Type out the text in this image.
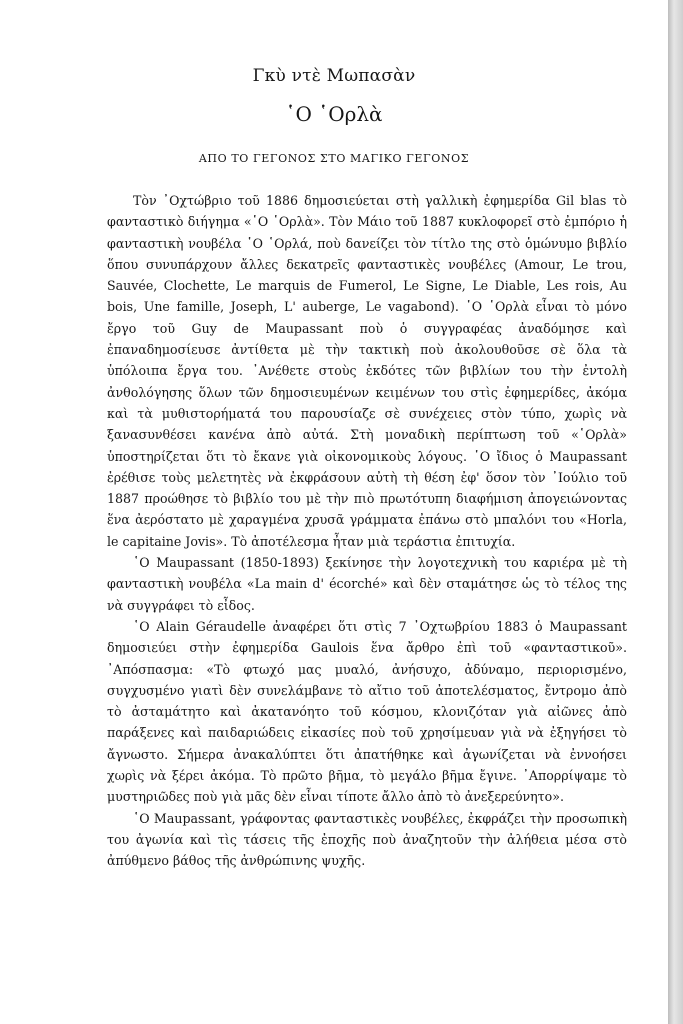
Γκὺ ντὲ Μωπασὰν
῾Ο ῾Ορλὰ
ΑΠΟ ΤΟ ΓΕΓΟΝΟΣ ΣΤΟ ΜΑΓΙΚΟ ΓΕΓΟΝΟΣ

Τὸν ᾿Οχτώβριο τοῦ 1886 δημοσιεύεται στὴ γαλλικὴ ἐφημερίδα Gil blas τὸ φανταστικὸ διήγημα «῾Ο ῾Ορλὰ». Τὸν Μάιο τοῦ 1887 κυκλοφορεῖ στὸ ἐμπόριο ἡ φανταστικὴ νουβέλα ῾Ο ῾Ορλά, ποὺ δανείζει τὸν τίτλο της στὸ ὁμώνυμο βιβλίο ὅπου συνυπάρχουν ἄλλες δεκατρεῖς φανταστικὲς νουβέλες (Amour, Le trou, Sauvée, Clochette, Le marquis de Fumerol, Le Signe, Le Diable, Les rois, Au bois, Une famille, Joseph, L' auberge, Le vagabond). ῾Ο ῾Ορλὰ εἶναι τὸ μόνο ἔργο τοῦ Guy de Maupassant ποὺ ὁ συγγραφέας ἀναδόμησε καὶ ἐπαναδημοσίευσε ἀντίθετα μὲ τὴν τακτικὴ ποὺ ἀκολουθοῦσε σὲ ὅλα τὰ ὑπόλοιπα ἔργα του. ᾿Ανέθετε στοὺς ἐκδότες τῶν βιβλίων του τὴν ἐντολὴ ἀνθολόγησης ὅλων τῶν δημοσιευμένων κειμένων του στὶς ἐφημερίδες, ἀκόμα καὶ τὰ μυθιστορήματά του παρουσίαζε σὲ συνέχειες στὸν τύπο, χωρὶς νὰ ξανασυνθέσει κανένα ἀπὸ αὐτά. Στὴ μοναδικὴ περίπτωση τοῦ «῾Ορλὰ» ὑποστηρίζεται ὅτι τὸ ἔκανε γιὰ οἰκονομικοὺς λόγους. ῾Ο ἴδιος ὁ Maupassant ἐρέθισε τοὺς μελετητὲς νὰ ἐκφράσουν αὐτὴ τὴ θέση ἐφ' ὅσον τὸν ᾿Ιούλιο τοῦ 1887 προώθησε τὸ βιβλίο του μὲ τὴν πιὸ πρωτότυπη διαφήμιση ἀπογειώνοντας ἕνα ἀερόστατο μὲ χαραγμένα χρυσᾶ γράμματα ἐπάνω στὸ μπαλόνι του «Horla, le capitaine Jovis». Τὸ ἀποτέλεσμα ἦταν μιὰ τεράστια ἐπιτυχία.

῾Ο Maupassant (1850-1893) ξεκίνησε τὴν λογοτεχνικὴ του καριέρα μὲ τὴ φανταστικὴ νουβέλα «La main d' écorché» καὶ δὲν σταμάτησε ὡς τὸ τέλος της νὰ συγγράφει τὸ εἶδος.

῾Ο Alain Géraudelle ἀναφέρει ὅτι στὶς 7 ᾿Οχτωβρίου 1883 ὁ Maupassant δημοσιεύει στὴν ἐφημερίδα Gaulois ἕνα ἄρθρο ἐπὶ τοῦ «φανταστικοῦ». ᾿Απόσπασμα: «Τὸ φτωχό μας μυαλό, ἀνήσυχο, ἀδύναμο, περιορισμένο, συγχυσμένο γιατὶ δὲν συνελάμβανε τὸ αἴτιο τοῦ ἀποτελέσματος, ἔντρομο ἀπὸ τὸ ἀσταμάτητο καὶ ἀκατανόητο τοῦ κόσμου, κλονιζόταν γιὰ αἰῶνες ἀπὸ παράξενες καὶ παιδαριώδεις εἰκασίες ποὺ τοῦ χρησίμευαν γιὰ νὰ ἐξηγήσει τὸ ἄγνωστο. Σήμερα ἀνακαλύπτει ὅτι ἀπατήθηκε καὶ ἀγωνίζεται νὰ ἐννοήσει χωρὶς νὰ ξέρει ἀκόμα. Τὸ πρῶτο βῆμα, τὸ μεγάλο βῆμα ἔγινε. ᾿Απορρίψαμε τὸ μυστηριῶδες ποὺ γιὰ μᾶς δὲν εἶναι τίποτε ἄλλο ἀπὸ τὸ ἀνεξερεύνητο».

῾Ο Maupassant, γράφοντας φανταστικὲς νουβέλες, ἐκφράζει τὴν προσωπικὴ του ἀγωνία καὶ τὶς τάσεις τῆς ἐποχῆς ποὺ ἀναζητοῦν τὴν ἀλήθεια μέσα στὸ ἀπύθμενο βάθος τῆς ἀνθρώπινης ψυχῆς.
